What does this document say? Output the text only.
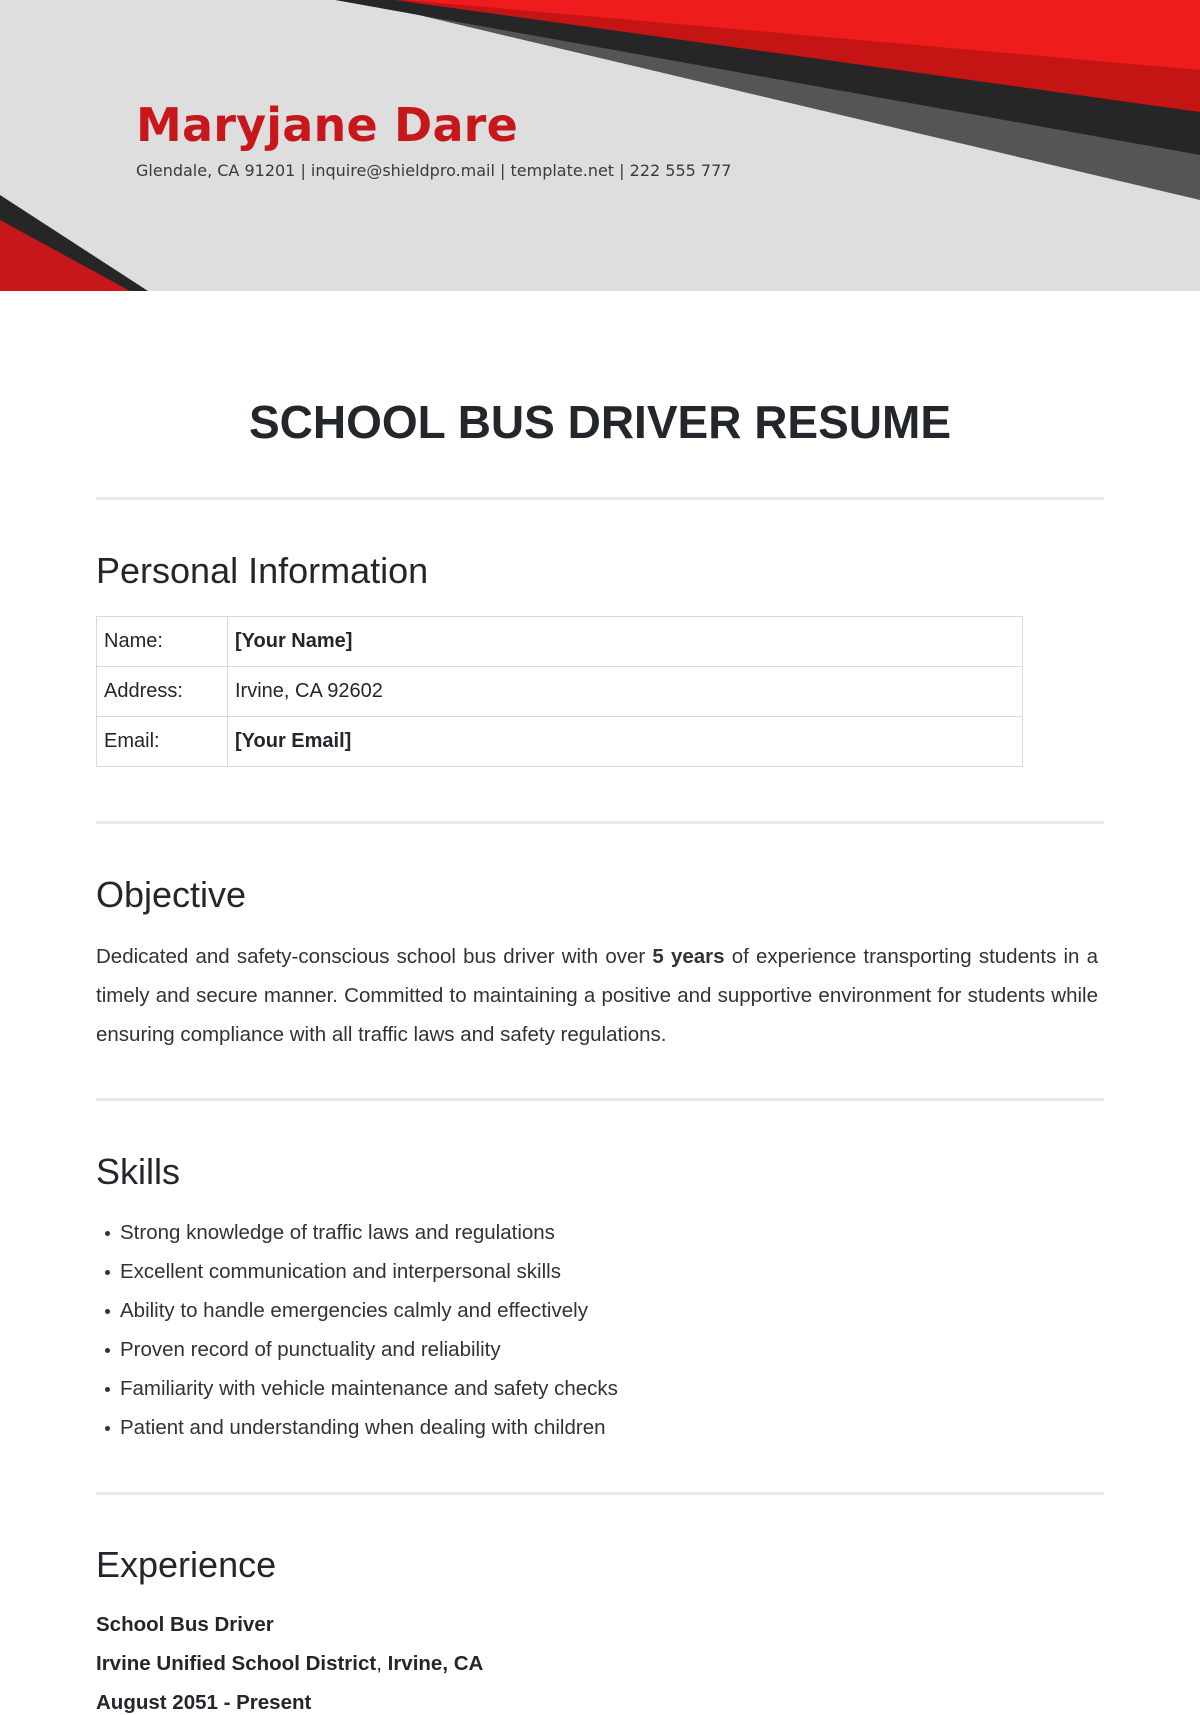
Maryjane Dare
Glendale, CA 91201 | inquire@shieldpro.mail | template.net | 222 555 777
SCHOOL BUS DRIVER RESUME
Personal Information
Name:	[Your Name]
Address:	Irvine, CA 92602
Email:	[Your Email]
Objective

Dedicated and safety-conscious school bus driver with over 5 years of experience transporting students in a timely and secure manner. Committed to maintaining a positive and supportive environment for students while ensuring compliance with all traffic laws and safety regulations.

Skills
Strong knowledge of traffic laws and regulations
Excellent communication and interpersonal skills
Ability to handle emergencies calmly and effectively
Proven record of punctuality and reliability
Familiarity with vehicle maintenance and safety checks
Patient and understanding when dealing with children
Experience

School Bus Driver

Irvine Unified School District, Irvine, CA

August 2051 - Present
